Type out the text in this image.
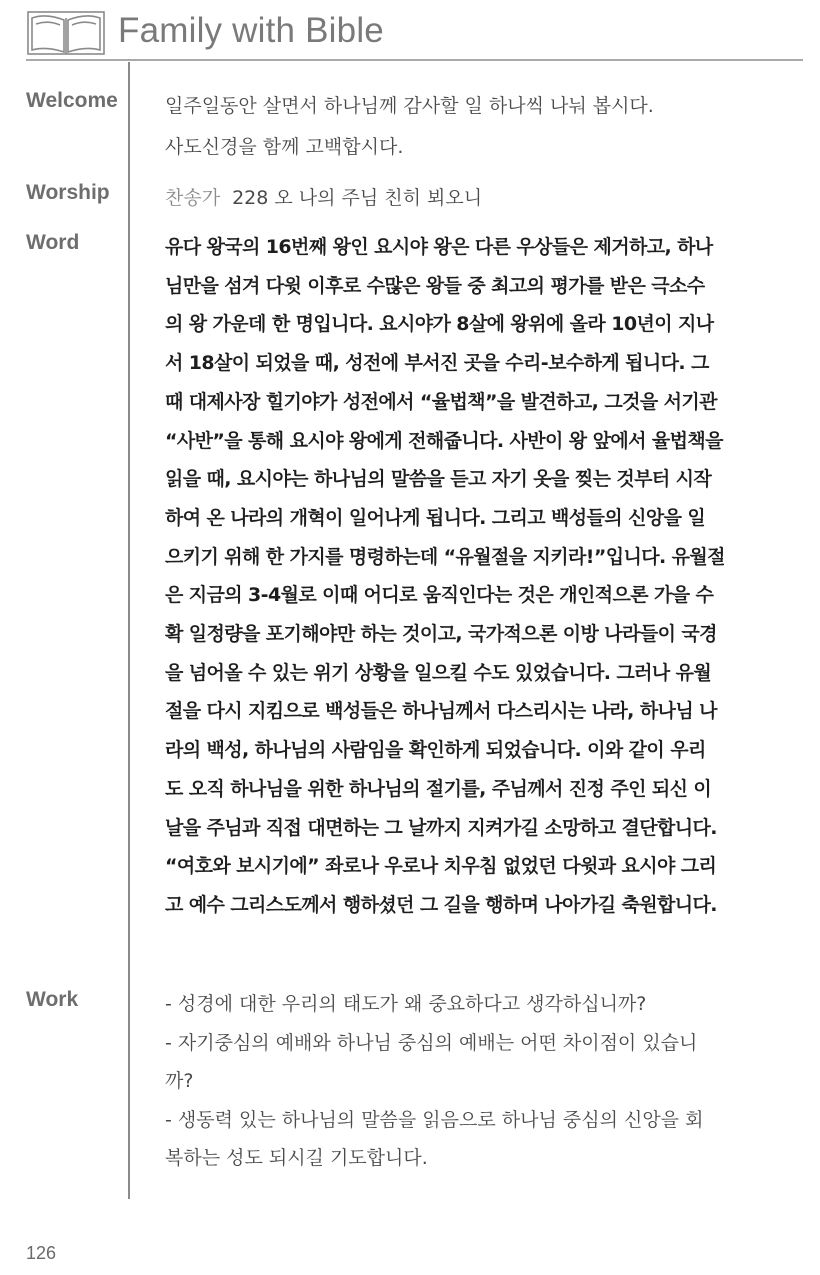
Family with Bible
Welcome 일주일동안 살면서 하나님께 감사할 일 하나씩 나눠 봅시다.
사도신경을 함께 고백합시다.
Worship	찬송가 228 오 나의 주님 친히 뵈오니
Word	유다 왕국의 16번째 왕인 요시야 왕은 다른 우상들은 제거하고, 하나
님만을 섬겨 다윗 이후로 수많은 왕들 중 최고의 평가를 받은 극소수
의 왕 가운데 한 명입니다. 요시야가 8살에 왕위에 올라 10년이 지나
서 18살이 되었을 때, 성전에 부서진 곳을 수리-보수하게 됩니다. 그
때 대제사장 힐기야가 성전에서 “율법책”을 발견하고, 그것을 서기관
“사반”을 통해 요시야 왕에게 전해줍니다. 사반이 왕 앞에서 율법책을
읽을 때, 요시야는 하나님의 말씀을 듣고 자기 옷을 찢는 것부터 시작
하여 온 나라의 개혁이 일어나게 됩니다. 그리고 백성들의 신앙을 일
으키기 위해 한 가지를 명령하는데 “유월절을 지키라!”입니다. 유월절
은 지금의 3-4월로 이때 어디로 움직인다는 것은 개인적으론 가을 수
확 일정량을 포기해야만 하는 것이고, 국가적으론 이방 나라들이 국경
을 넘어올 수 있는 위기 상황을 일으킬 수도 있었습니다. 그러나 유월
절을 다시 지킴으로 백성들은 하나님께서 다스리시는 나라, 하나님 나
라의 백성, 하나님의 사람임을 확인하게 되었습니다. 이와 같이 우리
도 오직 하나님을 위한 하나님의 절기를, 주님께서 진정 주인 되신 이
날을 주님과 직접 대면하는 그 날까지 지켜가길 소망하고 결단합니다.
“여호와 보시기에” 좌로나 우로나 치우침 없었던 다윗과 요시야 그리
고 예수 그리스도께서 행하셨던 그 길을 행하며 나아가길 축원합니다.
Work	- 성경에 대한 우리의 태도가 왜 중요하다고 생각하십니까?
- 자기중심의 예배와 하나님 중심의 예배는 어떤 차이점이 있습니
까?
- 생동력 있는 하나님의 말씀을 읽음으로 하나님 중심의 신앙을 회
복하는 성도 되시길 기도합니다.
126
